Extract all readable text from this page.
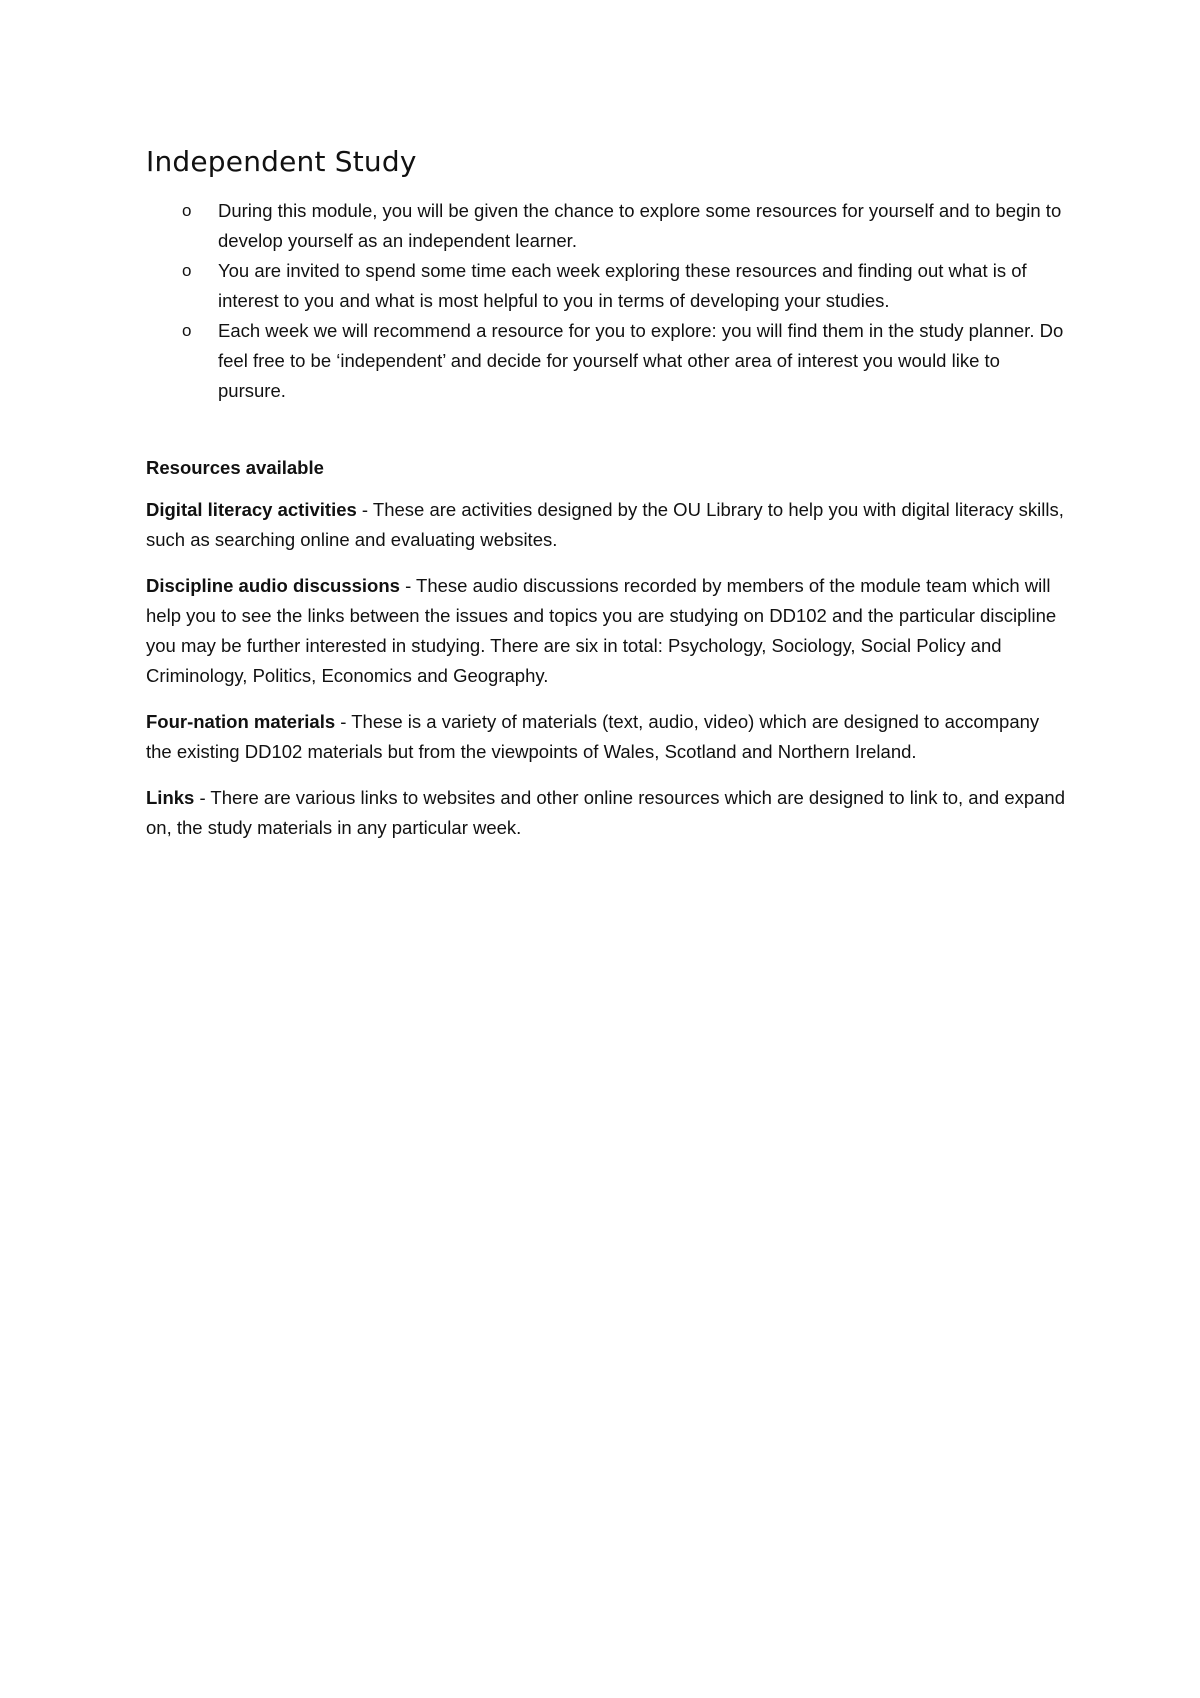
Independent Study
o During this module, you will be given the chance to explore some resources for yourself and to begin to develop yourself as an independent learner.
o You are invited to spend some time each week exploring these resources and finding out what is of interest to you and what is most helpful to you in terms of developing your studies.
o Each week we will recommend a resource for you to explore: you will find them in the study planner. Do feel free to be ‘independent’ and decide for yourself what other area of interest you would like to pursure.
Resources available

Digital literacy activities - These are activities designed by the OU Library to help you with digital literacy skills, such as searching online and evaluating websites.

Discipline audio discussions - These audio discussions recorded by members of the module team which will help you to see the links between the issues and topics you are studying on DD102 and the particular discipline you may be further interested in studying. There are six in total: Psychology, Sociology, Social Policy and Criminology, Politics, Economics and Geography.

Four-nation materials - These is a variety of materials (text, audio, video) which are designed to accompany the existing DD102 materials but from the viewpoints of Wales, Scotland and Northern Ireland.

Links - There are various links to websites and other online resources which are designed to link to, and expand on, the study materials in any particular week.
